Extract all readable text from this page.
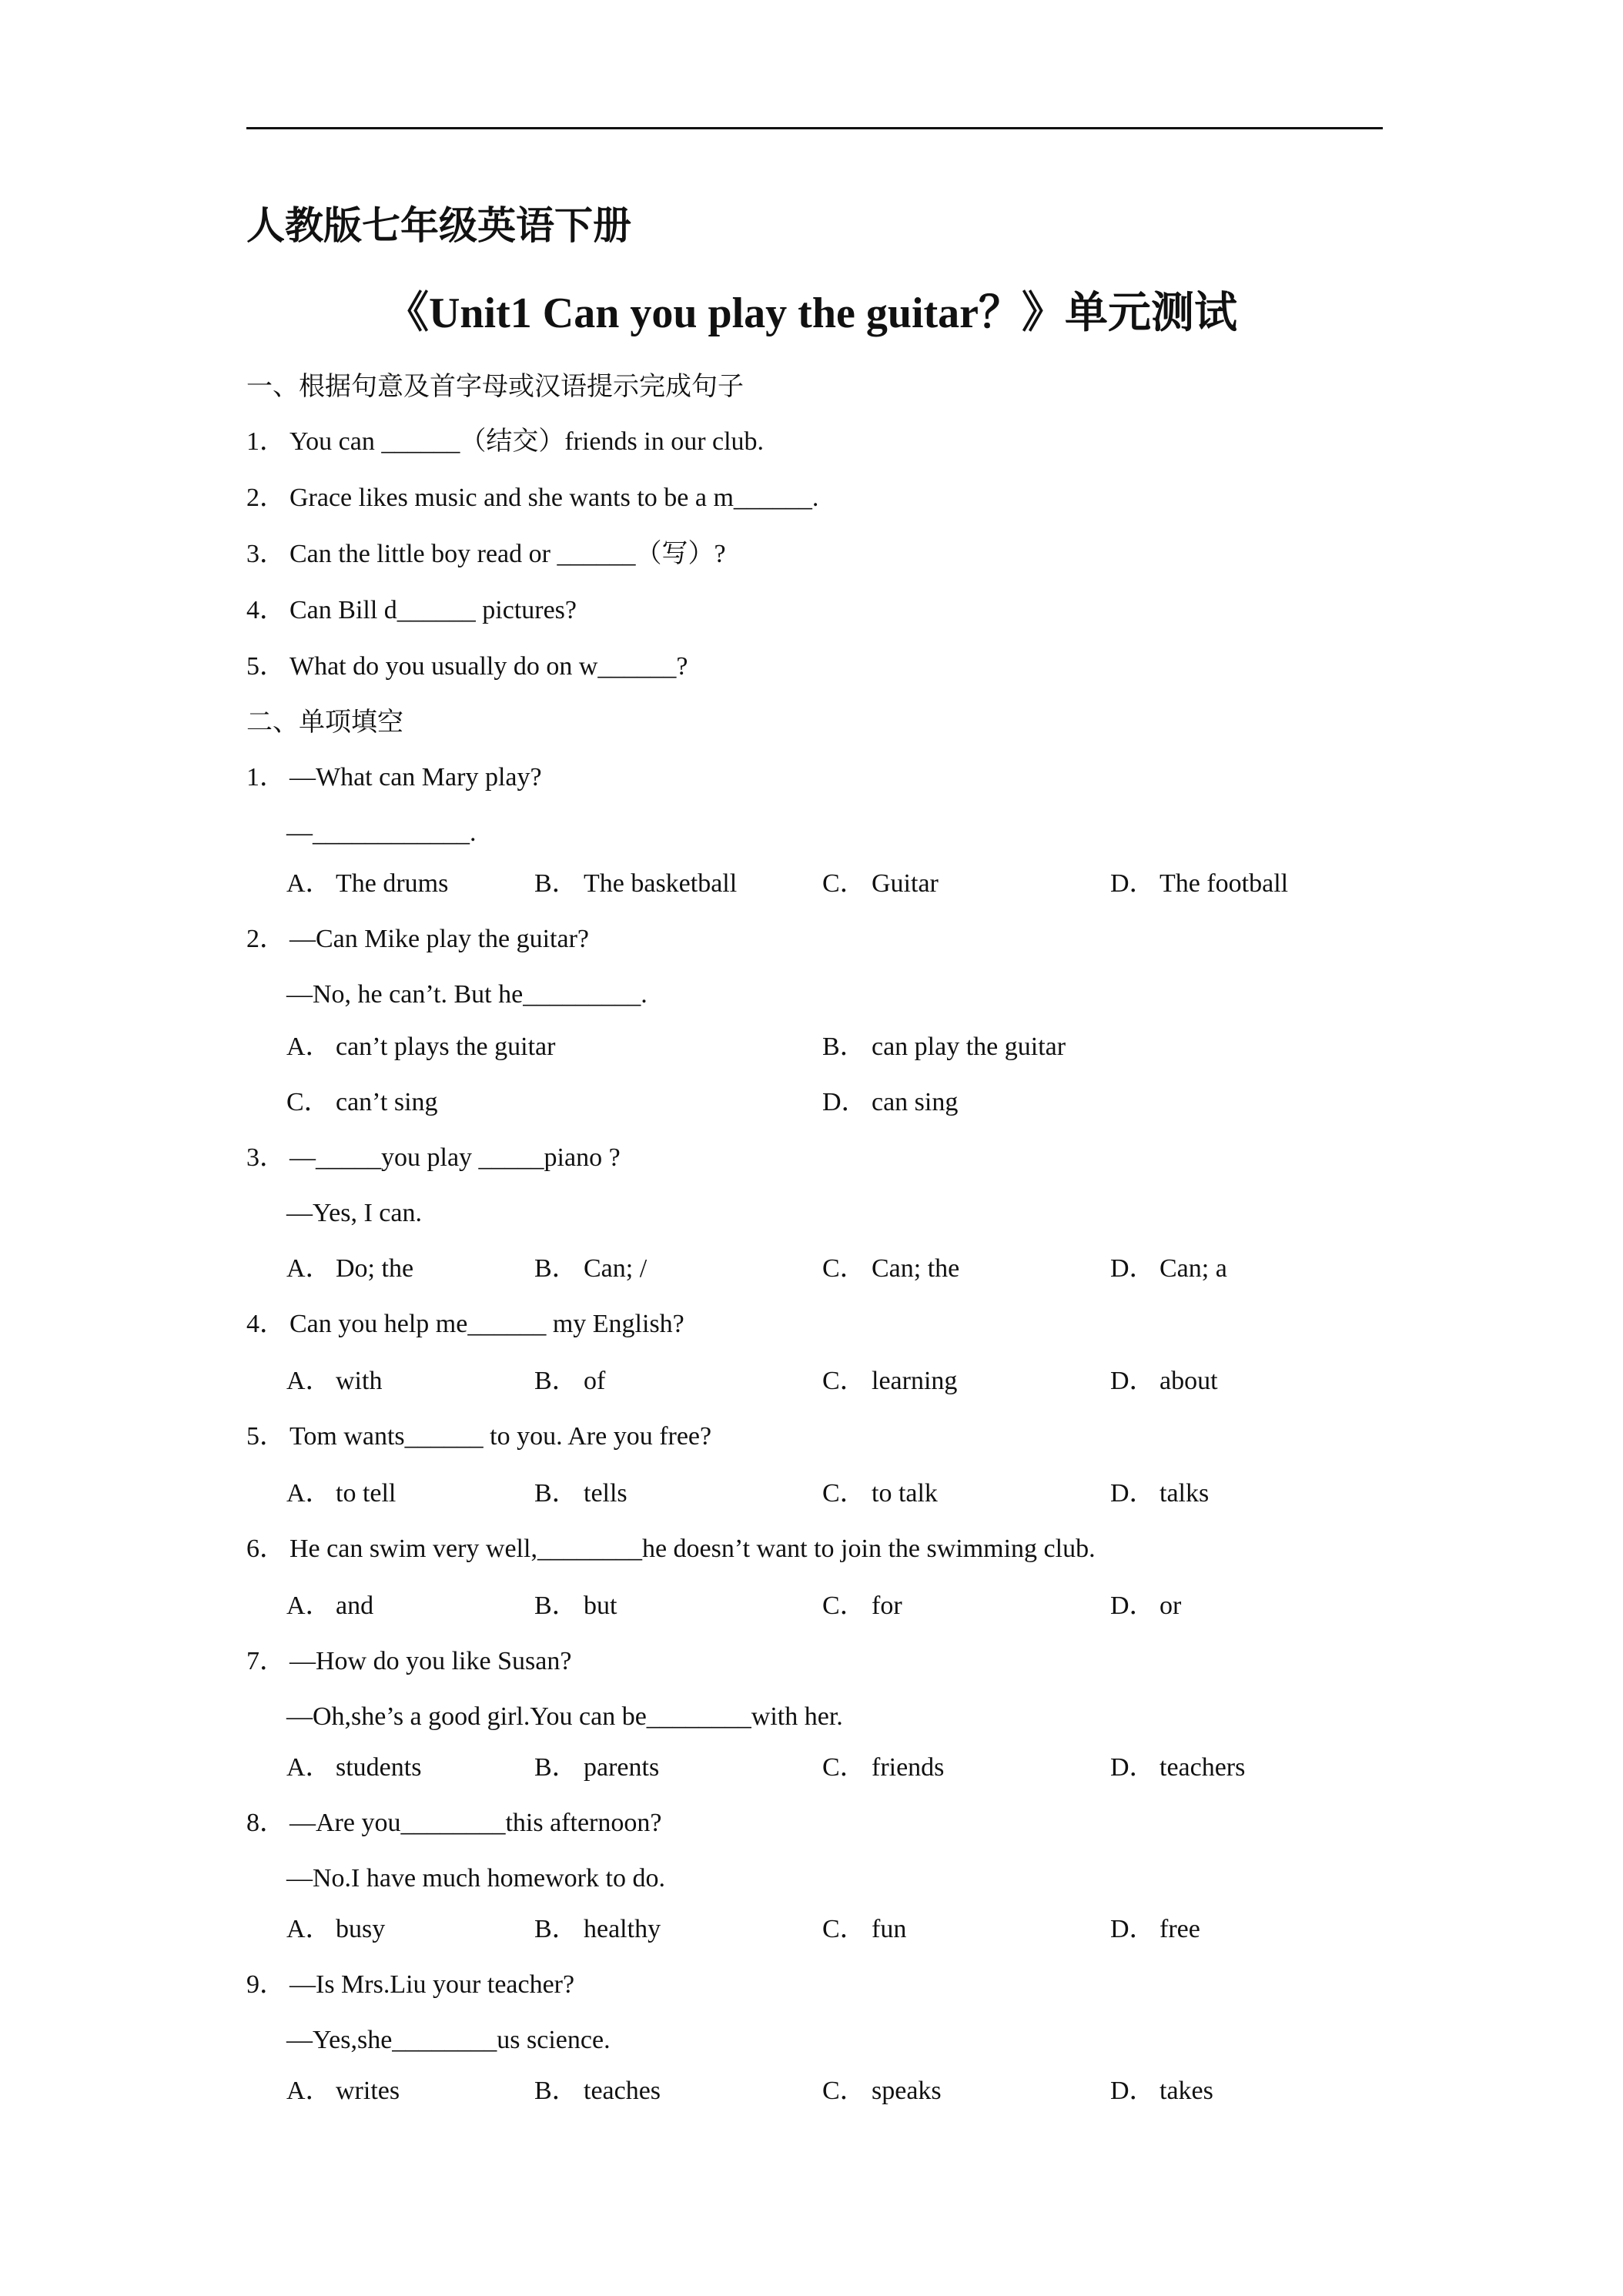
人教版七年级英语下册
《Unit1 Can you play the guitar？》单元测试
一、根据句意及首字母或汉语提示完成句子
1． You can ______（结交）friends in our club.
2． Grace likes music and she wants to be a m______.
3． Can the little boy read or ______（写）?
4． Can Bill d______ pictures?
5． What do you usually do on w______?
二、单项填空
1． —What can Mary play?
—____________.
A． The drums	B． The basketball	C． Guitar	D． The football
2． —Can Mike play the guitar?
—No, he can’t. But he_________.
A． can’t plays the guitar	B． can play the guitar
C． can’t sing	D． can sing
3． —_____you play _____piano ?
—Yes, I can.
A． Do; the	B． Can; /	C． Can; the	D． Can; a
4． Can you help me______ my English?
A． with	B． of	C． learning	D． about
5． Tom wants______ to you. Are you free?
A． to tell	B． tells	C． to talk	D． talks
6． He can swim very well,________he doesn’t want to join the swimming club.
A． and	B． but	C． for	D． or
7． —How do you like Susan?
—Oh,she’s a good girl.You can be________with her.
A． students	B． parents	C． friends	D． teachers
8． —Are you________this afternoon?
—No.I have much homework to do.
A． busy	B． healthy	C． fun	D． free
9． —Is Mrs.Liu your teacher?
—Yes,she________us science.
A． writes	B． teaches	C． speaks	D． takes
